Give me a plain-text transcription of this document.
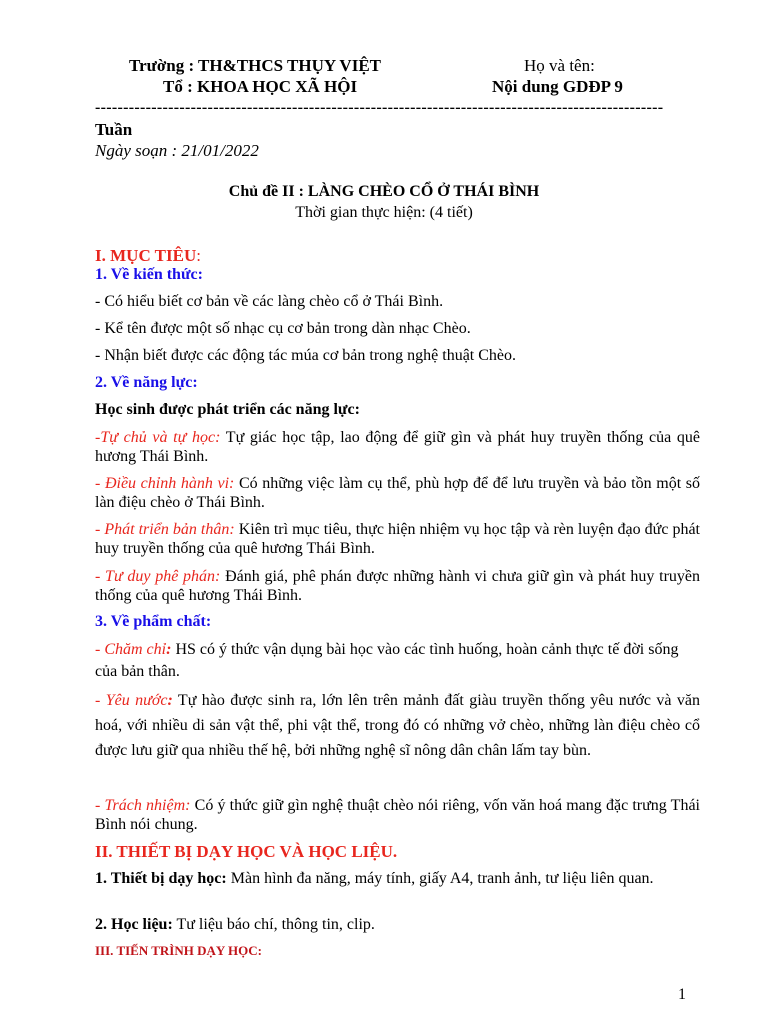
Trường : TH&THCS THỤY VIỆT
Tổ : KHOA HỌC XÃ HỘI
Họ và tên:
Nội dung GDĐP 9
-----------------------------------------------------------------------------------------------------
Tuần
Ngày soạn : 21/01/2022
Chủ đề II : LÀNG CHÈO CỔ Ở THÁI BÌNH
Thời gian thực hiện: (4 tiết)
I. MỤC TIÊU:
1. Về kiến thức:
- Có hiểu biết cơ bản về các làng chèo cổ ở Thái Bình.
- Kể tên được một số nhạc cụ cơ bản trong dàn nhạc Chèo.
- Nhận biết được các động tác múa cơ bản trong nghệ thuật Chèo.
2. Về năng lực:
Học sinh được phát triển các năng lực:
-Tự chủ và tự học: Tự giác học tập, lao động để giữ gìn và phát huy truyền thống của quê hương Thái Bình.
- Điều chỉnh hành vi: Có những việc làm cụ thể, phù hợp để để lưu truyền và bảo tồn một số làn điệu chèo ở Thái Bình.
- Phát triển bản thân: Kiên trì mục tiêu, thực hiện nhiệm vụ học tập và rèn luyện đạo đức phát huy truyền thống của quê hương Thái Bình.
- Tư duy phê phán: Đánh giá, phê phán được những hành vi chưa giữ gìn và phát huy truyền thống của quê hương Thái Bình.
3. Về phẩm chất:
- Chăm chỉ: HS có ý thức vận dụng bài học vào các tình huống, hoàn cảnh thực tế đời sống của bản thân.
- Yêu nước: Tự hào được sinh ra, lớn lên trên mảnh đất giàu truyền thống yêu nước và văn hoá, với nhiều di sản vật thể, phi vật thể, trong đó có những vở chèo, những làn điệu chèo cổ được lưu giữ qua nhiều thế hệ, bởi những nghệ sĩ nông dân chân lấm tay bùn.
- Trách nhiệm: Có ý thức giữ gìn nghệ thuật chèo nói riêng, vốn văn hoá mang đặc trưng Thái Bình nói chung.
II. THIẾT BỊ DẠY HỌC VÀ HỌC LIỆU.
1. Thiết bị dạy học: Màn hình đa năng, máy tính, giấy A4, tranh ảnh, tư liệu liên quan.
2. Học liệu: Tư liệu báo chí, thông tin, clip.
III. TIẾN TRÌNH DẠY HỌC:
1
